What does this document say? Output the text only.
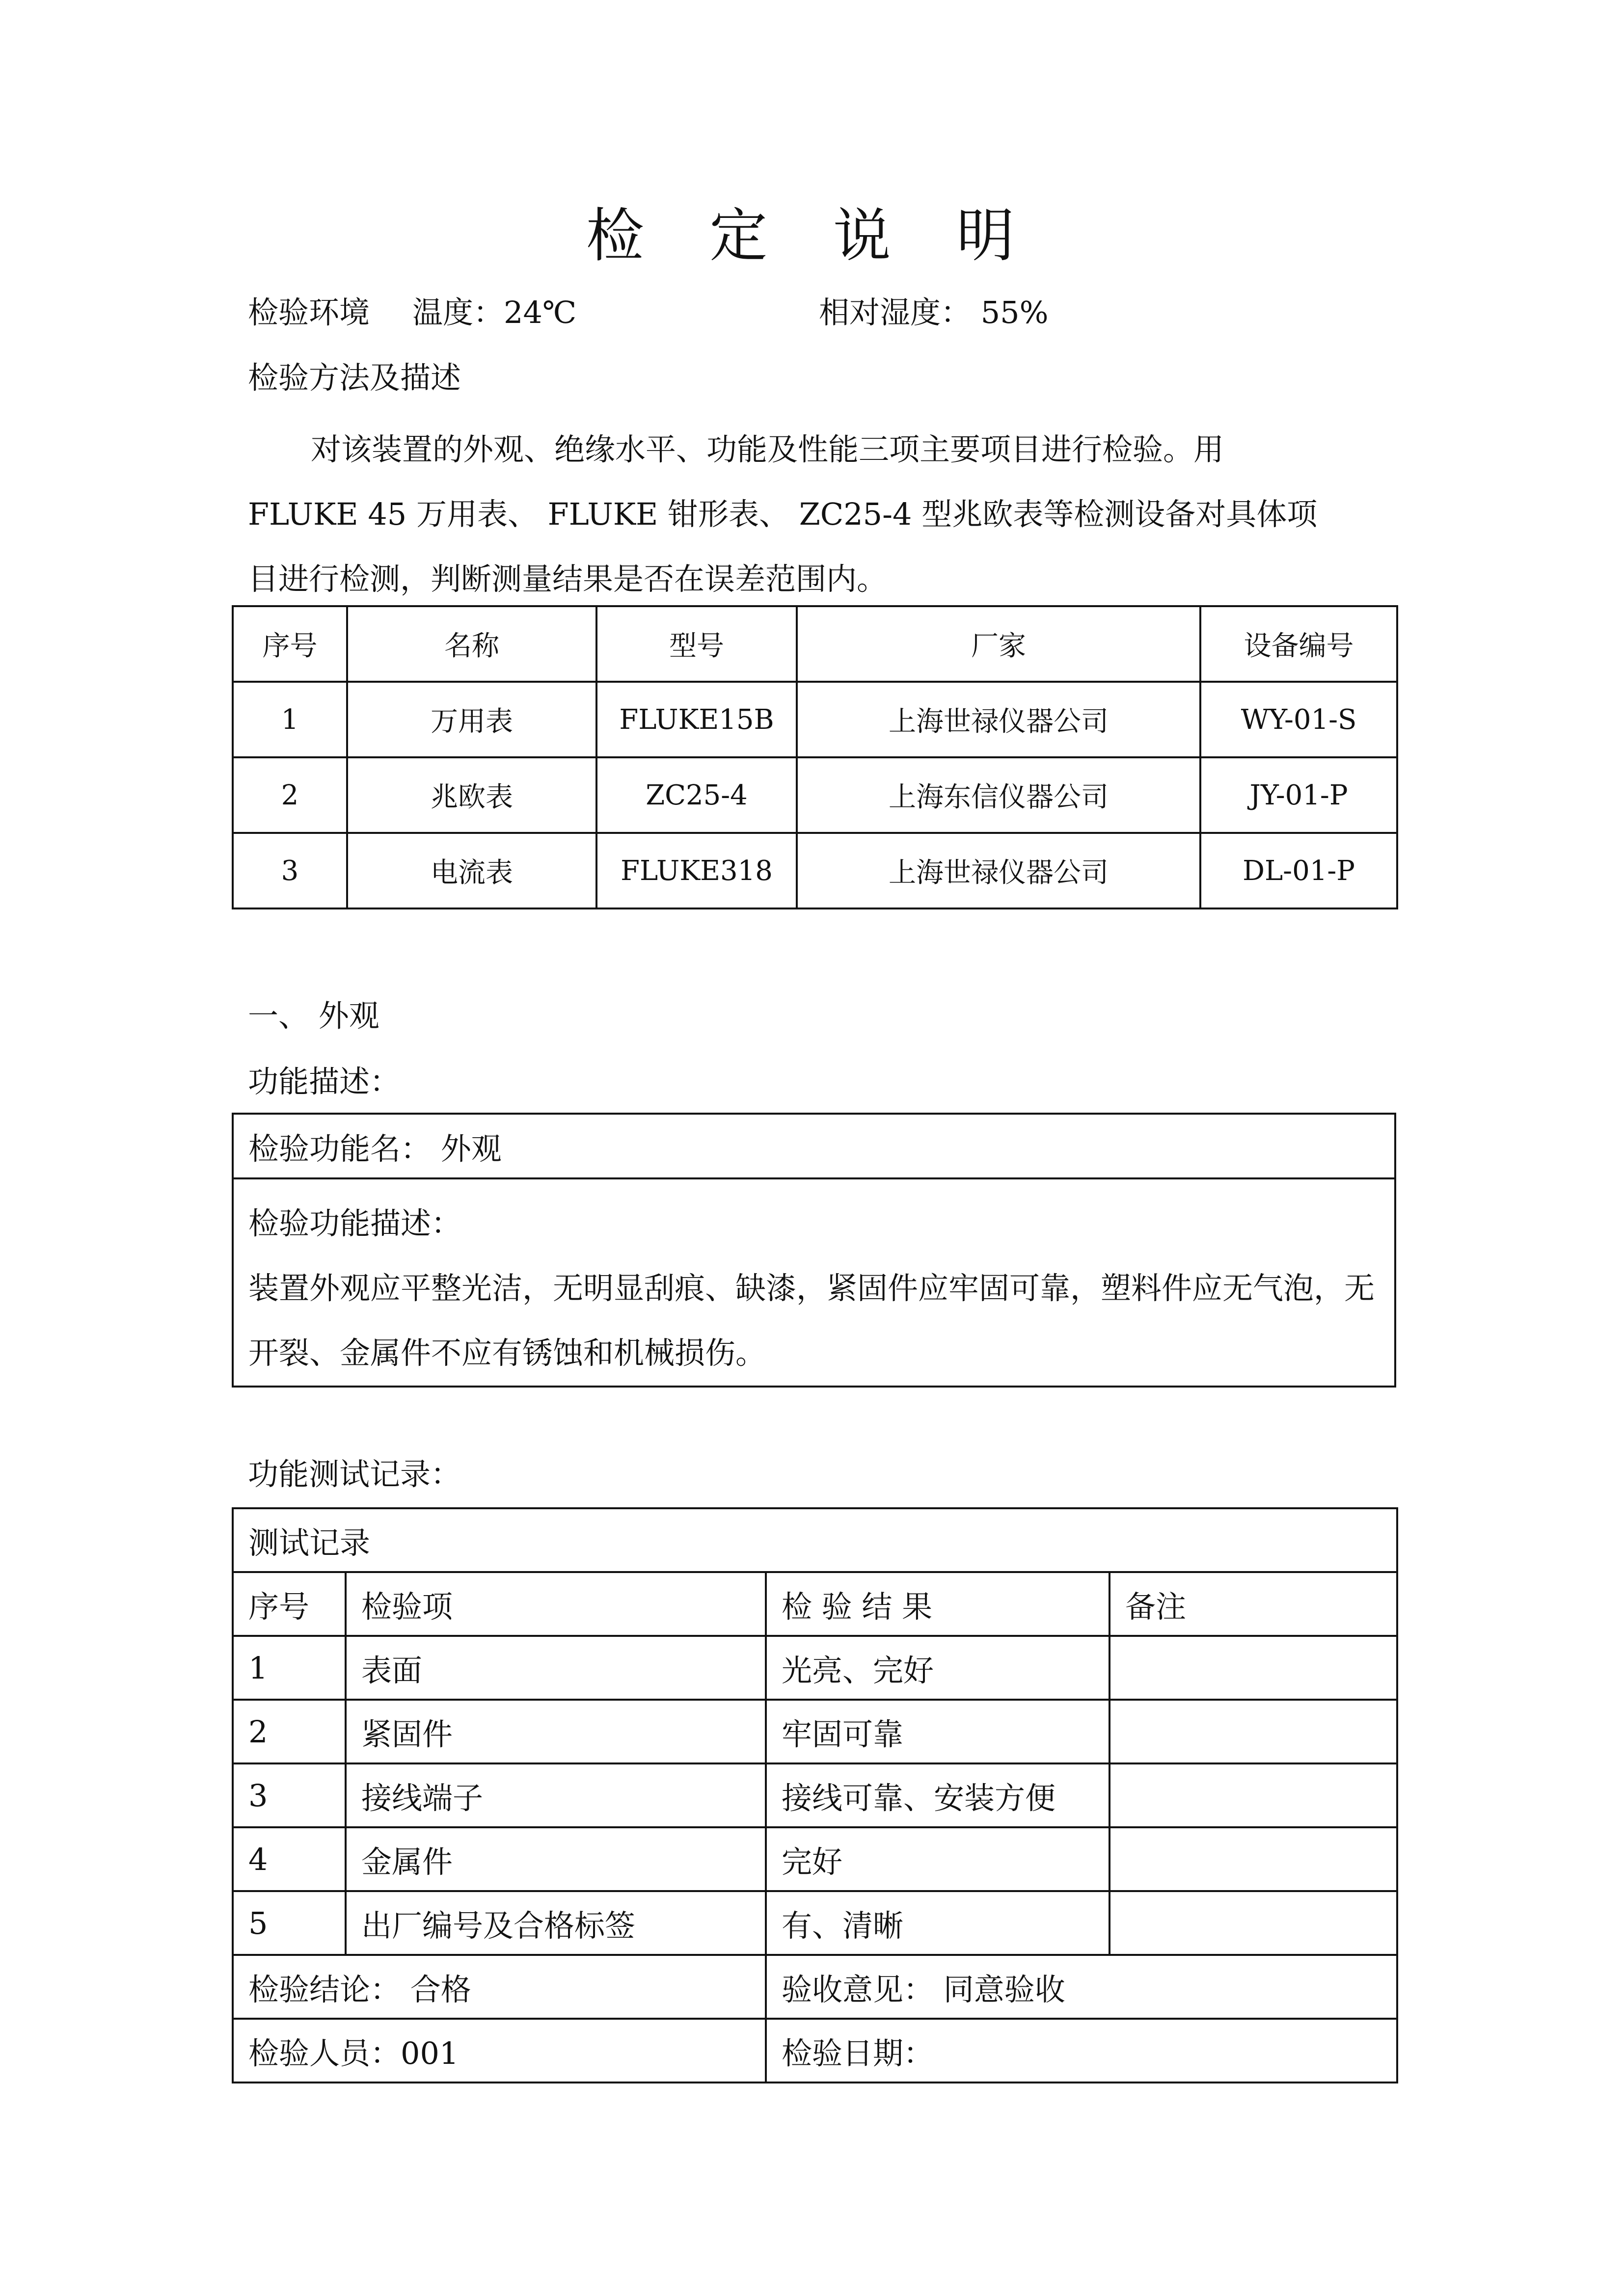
检 定 说 明
检验环境 温度：24℃	相对湿度： 55%
检验方法及描述

对该装置的外观、绝缘水平、功能及性能三项主要项目进行检验。用

FLUKE 45 万用表、 FLUKE 钳形表、 ZC25-4 型兆欧表等检测设备对具体项

目进行检测，判断测量结果是否在误差范围内。

序号	名称	型号	厂家	设备编号
1	万用表	FLUKE15B	上海世禄仪器公司	WY-01-S
2	兆欧表	ZC25-4	上海东信仪器公司	JY-01-P
3	电流表	FLUKE318	上海世禄仪器公司	DL-01-P
一、 外观
功能描述：
检验功能名： 外观

检验功能描述：
装置外观应平整光洁，无明显刮痕、缺漆，紧固件应牢固可靠，塑料件应无气泡，无开裂、金属件不应有锈蚀和机械损伤。
功能测试记录：
测试记录			
序号	检验项	检 验 结 果	备注
1	表面	光亮、完好	
2	紧固件	牢固可靠	
3	接线端子	接线可靠、安装方便	
4	金属件	完好	
5	出厂编号及合格标签	有、清晰	
检验结论： 合格		验收意见： 同意验收	
检验人员：001		检验日期：	
